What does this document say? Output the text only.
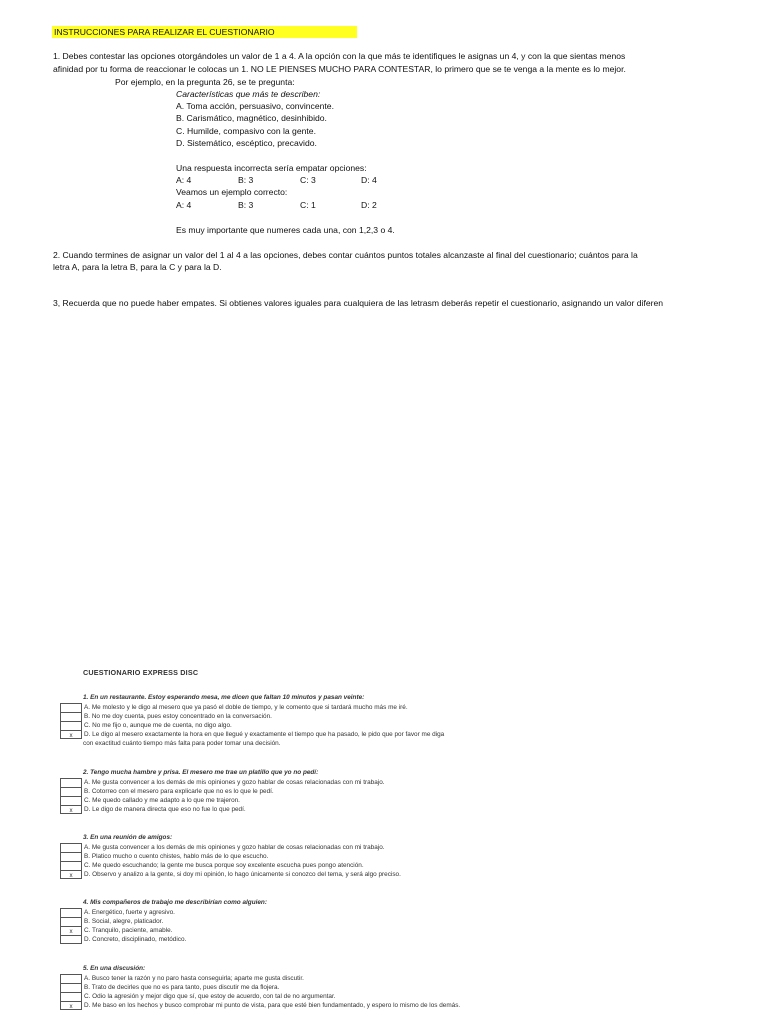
INSTRUCCIONES PARA REALIZAR EL CUESTIONARIO
1. Debes contestar las opciones otorgándoles un valor de 1 a 4. A la opción con la que más te identifiques le asignas un 4, y con la que sientas menos
afinidad por tu forma de reaccionar le colocas un 1. NO LE PIENSES MUCHO PARA CONTESTAR, lo primero que se te venga a la mente es lo mejor.
Por ejemplo, en la pregunta 26, se te pregunta:
Características que más te describen:
A. Toma acción, persuasivo, convincente.
B. Carismático, magnético, desinhibido.
C. Humilde, compasivo con la gente.
D. Sistemático, escéptico, precavido.
Una respuesta incorrecta sería empatar opciones:
A: 4	B: 3	C: 3	D: 4
Veamos un ejemplo correcto:
A: 4	B: 3	C: 1	D: 2
Es muy importante que numeres cada una, con 1,2,3 o 4.
2. Cuando termines de asignar un valor del 1 al 4 a las opciones, debes contar cuántos puntos totales alcanzaste al final del cuestionario; cuántos para la
letra A, para la letra B, para la C y para la D.
3, Recuerda que no puede haber empates. Si obtienes valores iguales para cualquiera de las letrasm deberás repetir el cuestionario, asignando un valor diferen
CUESTIONARIO EXPRESS DISC
1. En un restaurante. Estoy esperando mesa, me dicen que faltan 10 minutos y pasan veinte:
A. Me molesto y le digo al mesero que ya pasó el doble de tiempo, y le comento que si tardará mucho más me iré.
B. No me doy cuenta, pues estoy concentrado en la conversación.
C. No me fijo o, aunque me de cuenta, no digo algo.
x	D. Le digo al mesero exactamente la hora en que llegué y exactamente el tiempo que ha pasado, le pido que por favor me diga
con exactitud cuánto tiempo más falta para poder tomar una decisión.
2. Tengo mucha hambre y prisa. El mesero me trae un platillo que yo no pedí:
A. Me gusta convencer a los demás de mis opiniones y gozo hablar de cosas relacionadas con mi trabajo.
B. Cotorreo con el mesero para explicarle que no es lo que le pedí.
C. Me quedo callado y me adapto a lo que me trajeron.
x	D. Le digo de manera directa que eso no fue lo que pedí.
3. En una reunión de amigos:
A. Me gusta convencer a los demás de mis opiniones y gozo hablar de cosas relacionadas con mi trabajo.
B. Platico mucho o cuento chistes, hablo más de lo que escucho.
C. Me quedo escuchando; la gente me busca porque soy excelente escucha pues pongo atención.
x	D. Observo y analizo a la gente, si doy mi opinión, lo hago únicamente si conozco del tema, y será algo preciso.
4. Mis compañeros de trabajo me describirían como alguien:
A. Energético, fuerte y agresivo.
B. Social, alegre, platicador.
x	C. Tranquilo, paciente, amable.
D. Concreto, disciplinado, metódico.
5. En una discusión:
A. Busco tener la razón y no paro hasta conseguirla; aparte me gusta discutir.
B. Trato de decirles que no es para tanto, pues discutir me da flojera.
C. Odio la agresión y mejor digo que sí, que estoy de acuerdo, con tal de no argumentar.
x	D. Me baso en los hechos y busco comprobar mi punto de vista, para que esté bien fundamentado, y espero lo mismo de los demás.
